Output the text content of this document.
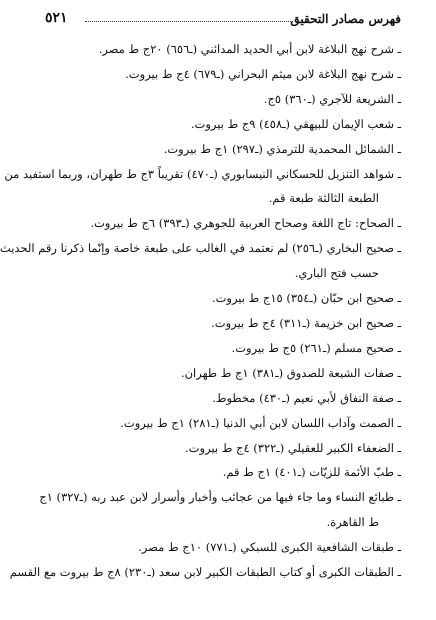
فهرس مصادر التحقيق
٥٢١
ـ شرح نهج البلاغة لابن أبي الحديد المدائني (ـ٦٥٦) ٢٠ج ط مصر.
ـ شرح نهج البلاغة لابن ميثم البحراني (ـ٦٧٩) ٤ج ط بيروت.
ـ الشريعة للآجري (ـ٣٦٠) ٥ج.
ـ شعب الإيمان للبيهقي (ـ٤٥٨) ٩ج ط بيروت.
ـ الشمائل المحمدية للترمذي (ـ٢٩٧) ١ج ط بيروت.
ـ شواهد التنزيل للحسكاني النيسابوري (ـ٤٧٠) تقريباً ٣ج ط طهران، وربما استفيد من
الطبعة الثالثة طبعة قم.
ـ الصحاح: تاج اللغة وصحاح العربية للجوهري (ـ٣٩٣) ٦ج ط بيروت.
ـ صحيح البخاري (ـ٢٥٦) لم نعتمد في الغالب على طبعة خاصة وإنّما ذكرنا رقم الحديث
حسب فتح الباري.
ـ صحيح ابن حبّان (ـ٣٥٤) ١٥ج ط بيروت.
ـ صحيح ابن خزيمة (ـ٣١١) ٤ج ط بيروت.
ـ صحيح مسلم (ـ٢٦١) ٥ج ط بيروت.
ـ صفات الشيعة للصدوق (ـ٣٨١) ١ج ط طهران.
ـ صفة النفاق لأبي نعيم (ـ٤٣٠) مخطوط.
ـ الصمت وآداب اللسان لابن أبي الدنيا (ـ٢٨١) ١ج ط بيروت.
ـ الضعفاء الكبير للعقيلي (ـ٣٢٢) ٤ج ط بيروت.
ـ طبّ الأئمة للزيّات (ـ٤٠١) ١ج ط قم.
ـ طبائع النساء وما جاء فيها من عجائب وأخبار وأسرار لابن عبد ربه (ـ٣٢٧) ١ج
ط القاهرة.
ـ طبقات الشافعية الكبرى للسبكي (ـ٧٧١) ١٠ج ط مصر.
ـ الطبقات الكبرى أو كتاب الطبقات الكبير لابن سعد (ـ٢٣٠) ٨ج ط بيروت مع القسم
